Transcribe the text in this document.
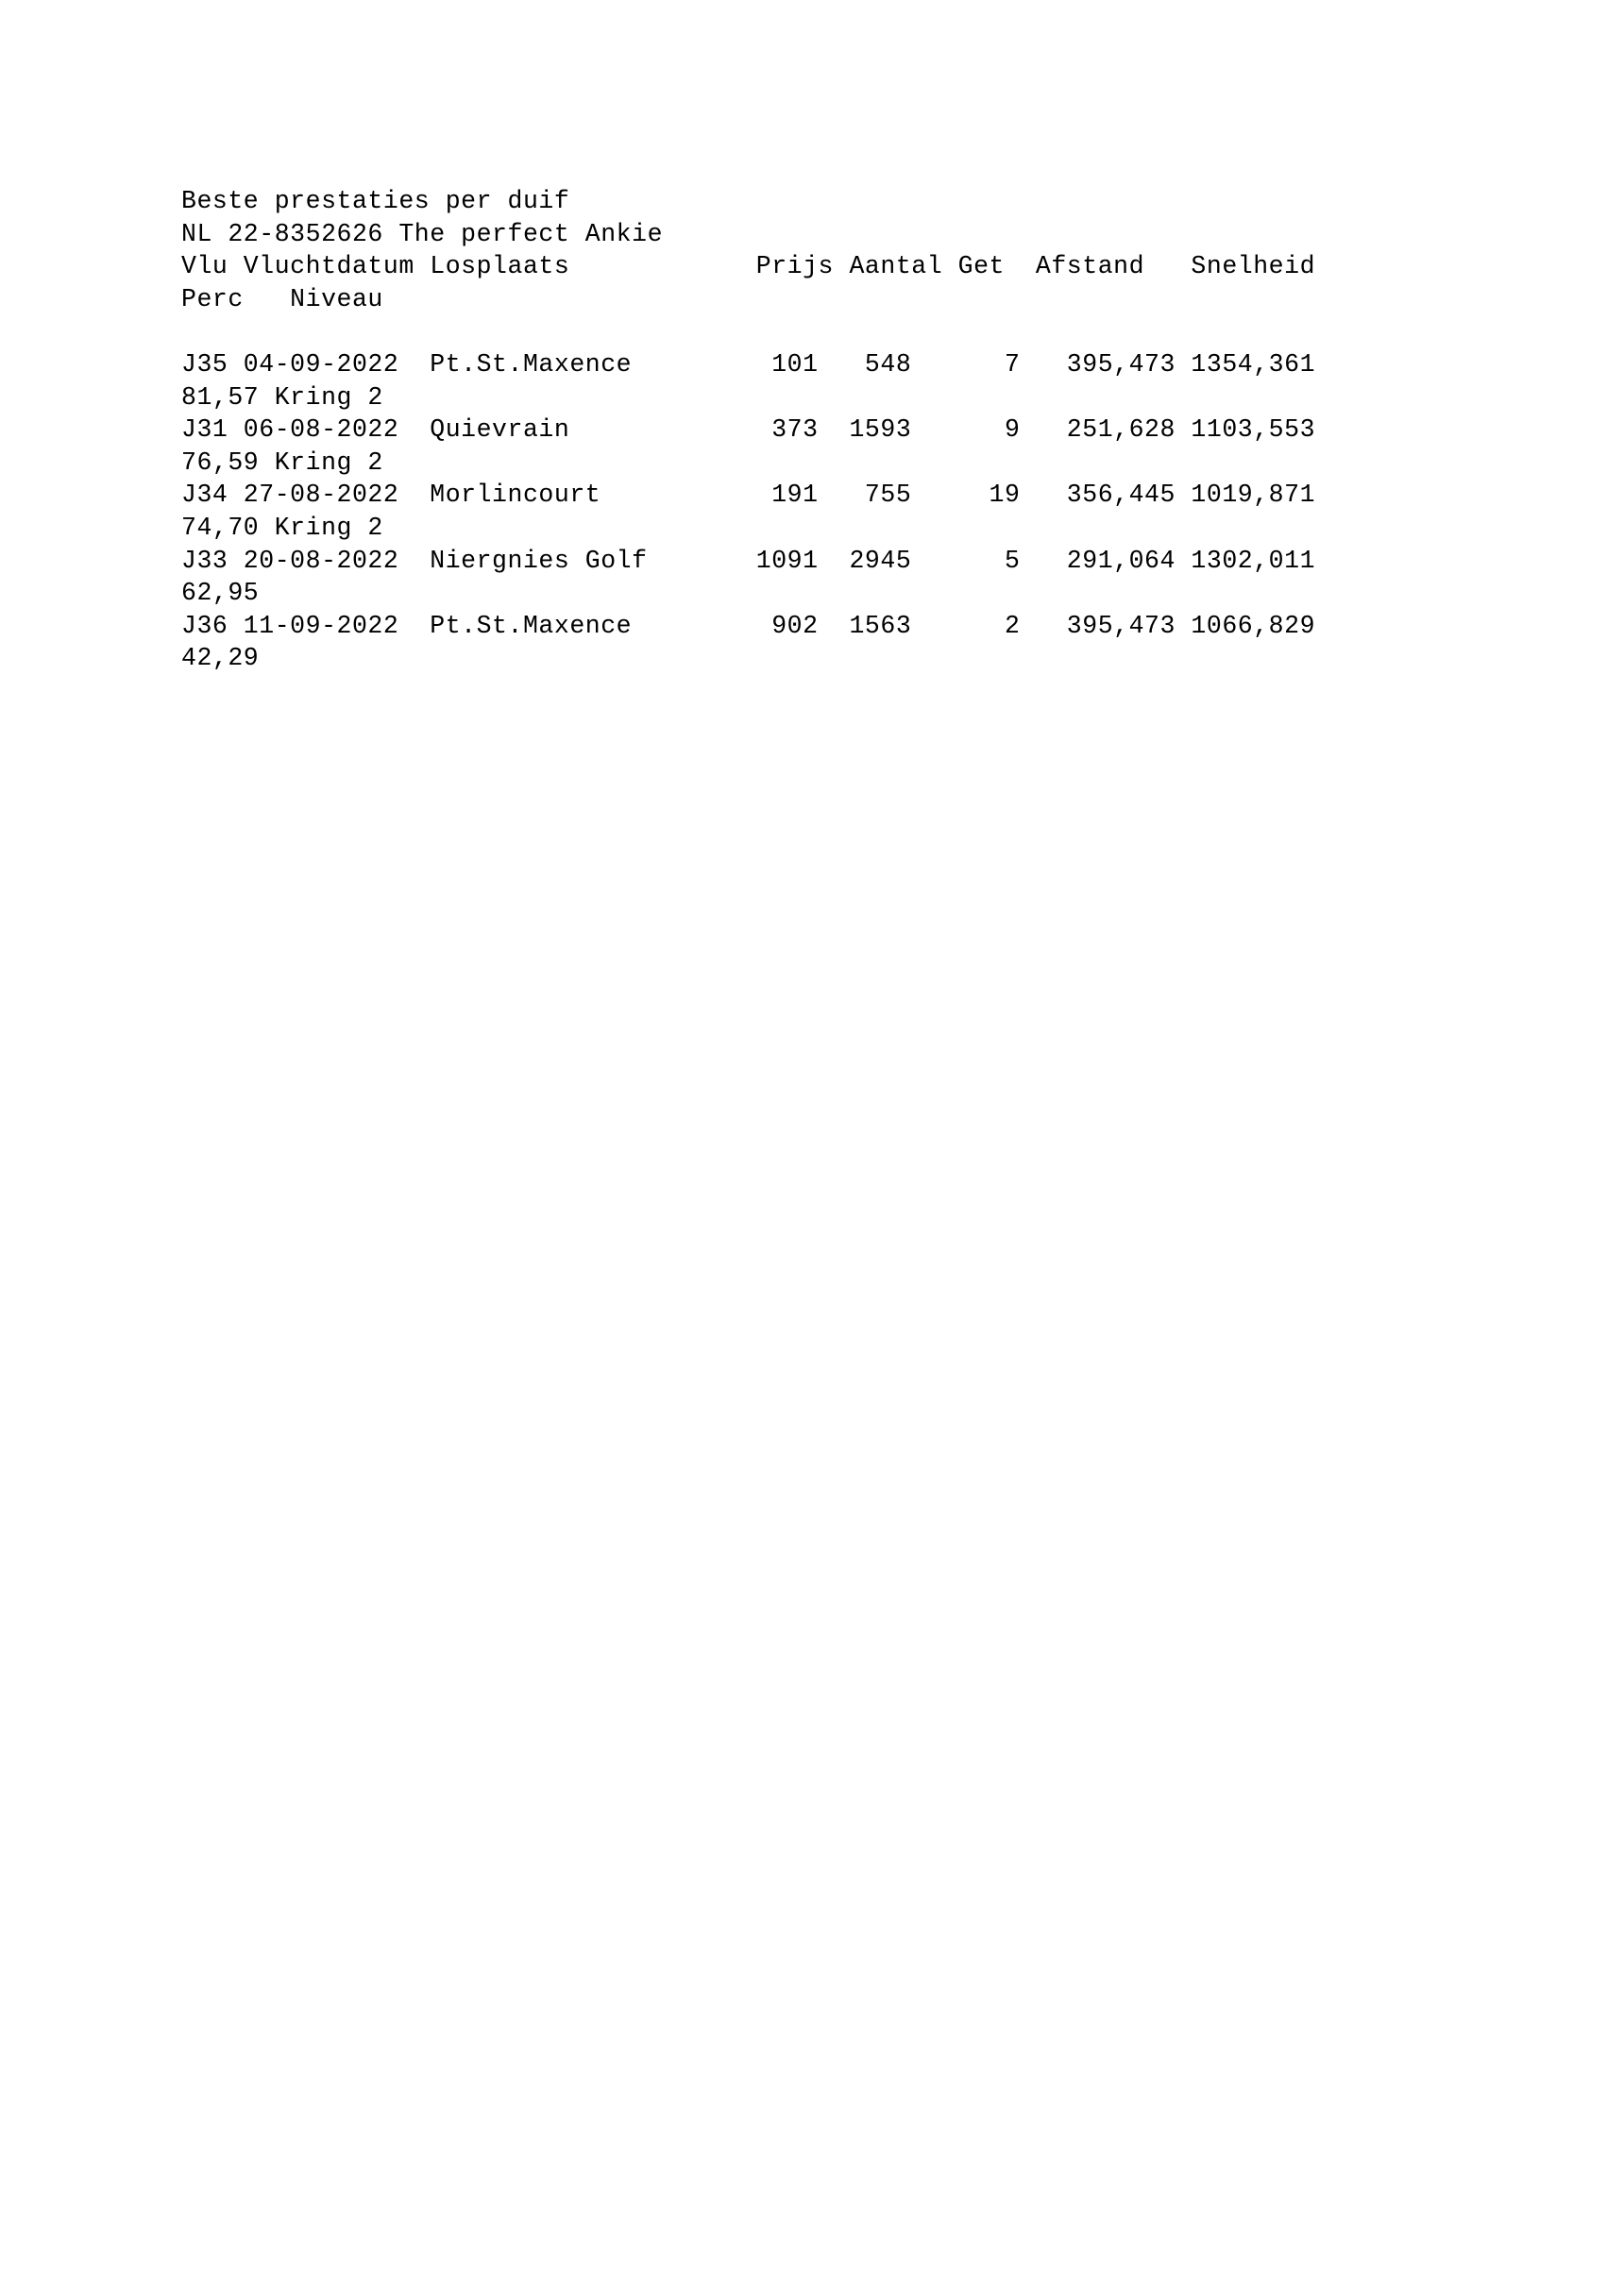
Beste prestaties per duif
NL 22-8352626 The perfect Ankie
Vlu Vluchtdatum Losplaats            Prijs Aantal Get  Afstand   Snelheid
Perc   Niveau
J35 04-09-2022  Pt.St.Maxence         101   548      7   395,473 1354,361
81,57 Kring 2
J31 06-08-2022  Quievrain             373  1593      9   251,628 1103,553
76,59 Kring 2
J34 27-08-2022  Morlincourt           191   755     19   356,445 1019,871
74,70 Kring 2
J33 20-08-2022  Niergnies Golf       1091  2945      5   291,064 1302,011
62,95
J36 11-09-2022  Pt.St.Maxence         902  1563      2   395,473 1066,829
42,29
